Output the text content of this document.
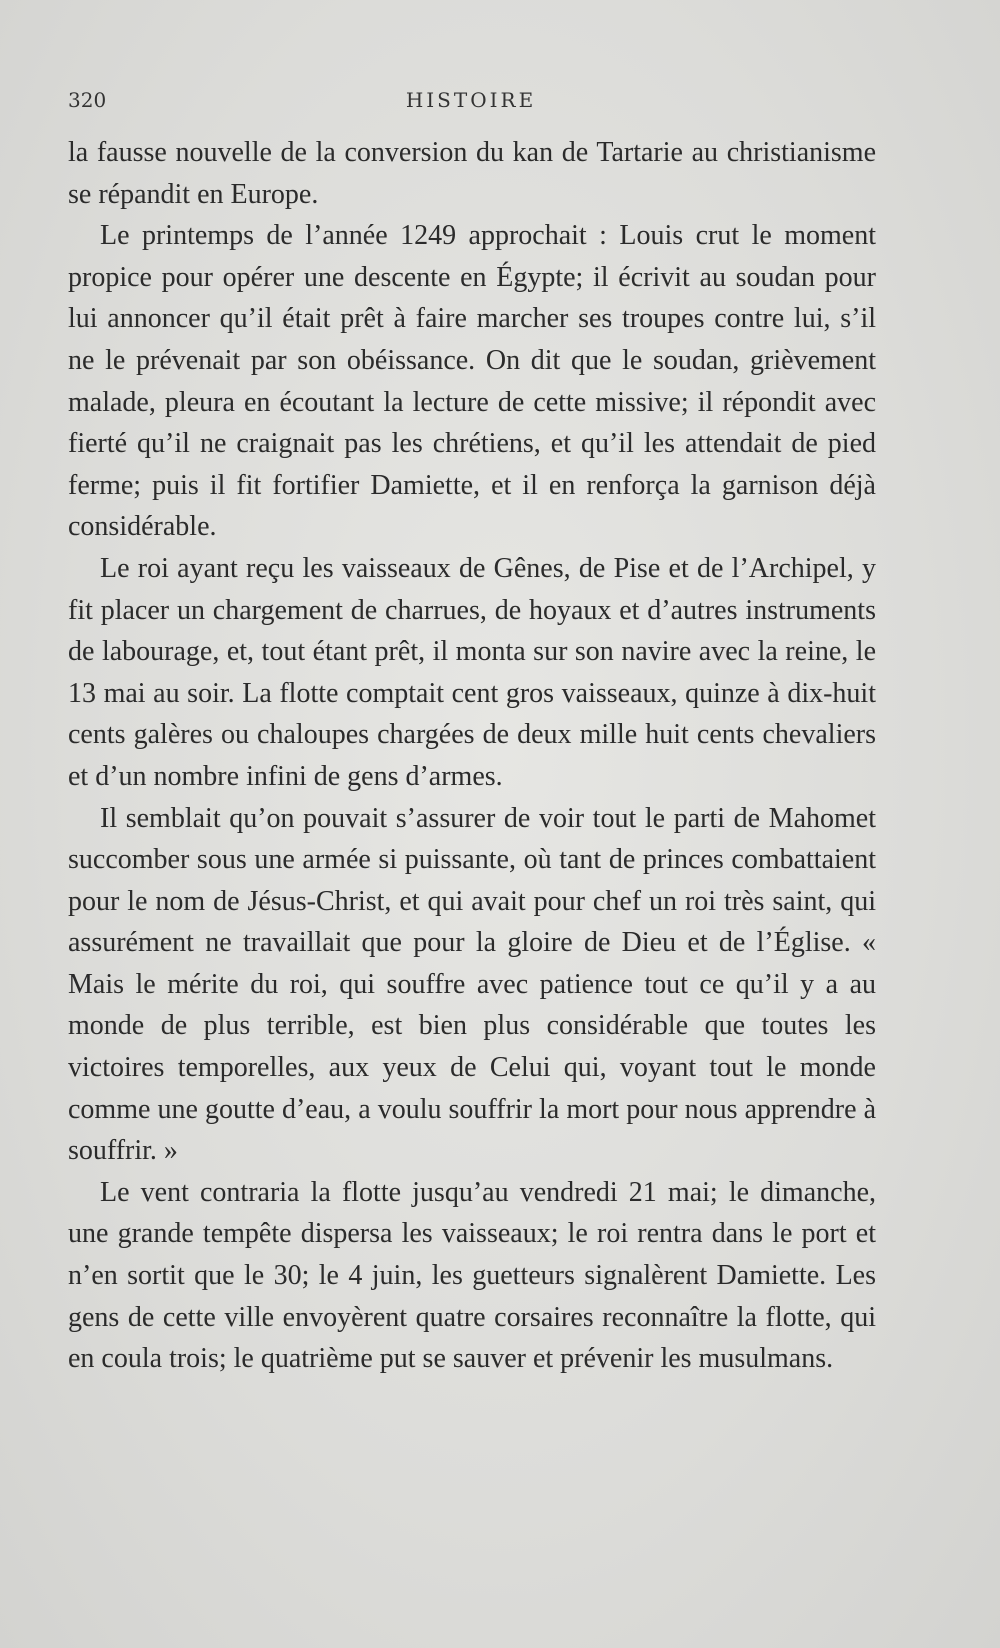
320	HISTOIRE

la fausse nouvelle de la conversion du kan de Tartarie au christianisme se répandit en Europe.

Le printemps de l’année 1249 approchait : Louis crut le moment propice pour opérer une descente en Égypte; il écrivit au soudan pour lui annoncer qu’il était prêt à faire marcher ses troupes contre lui, s’il ne le prévenait par son obéissance. On dit que le soudan, grièvement malade, pleura en écoutant la lecture de cette missive; il répondit avec fierté qu’il ne craignait pas les chrétiens, et qu’il les attendait de pied ferme; puis il fit fortifier Damiette, et il en renforça la garnison déjà considérable.

Le roi ayant reçu les vaisseaux de Gênes, de Pise et de l’Archipel, y fit placer un chargement de charrues, de hoyaux et d’autres instruments de labourage, et, tout étant prêt, il monta sur son navire avec la reine, le 13 mai au soir. La flotte comptait cent gros vaisseaux, quinze à dix-huit cents galères ou chaloupes chargées de deux mille huit cents chevaliers et d’un nombre infini de gens d’armes.

Il semblait qu’on pouvait s’assurer de voir tout le parti de Mahomet succomber sous une armée si puissante, où tant de princes combattaient pour le nom de Jésus-Christ, et qui avait pour chef un roi très saint, qui assurément ne travaillait que pour la gloire de Dieu et de l’Église. « Mais le mérite du roi, qui souffre avec patience tout ce qu’il y a au monde de plus terrible, est bien plus considérable que toutes les victoires temporelles, aux yeux de Celui qui, voyant tout le monde comme une goutte d’eau, a voulu souffrir la mort pour nous apprendre à souffrir. »

Le vent contraria la flotte jusqu’au vendredi 21 mai; le dimanche, une grande tempête dispersa les vaisseaux; le roi rentra dans le port et n’en sortit que le 30; le 4 juin, les guetteurs signalèrent Damiette. Les gens de cette ville envoyèrent quatre corsaires reconnaître la flotte, qui en coula trois; le quatrième put se sauver et prévenir les musulmans.
